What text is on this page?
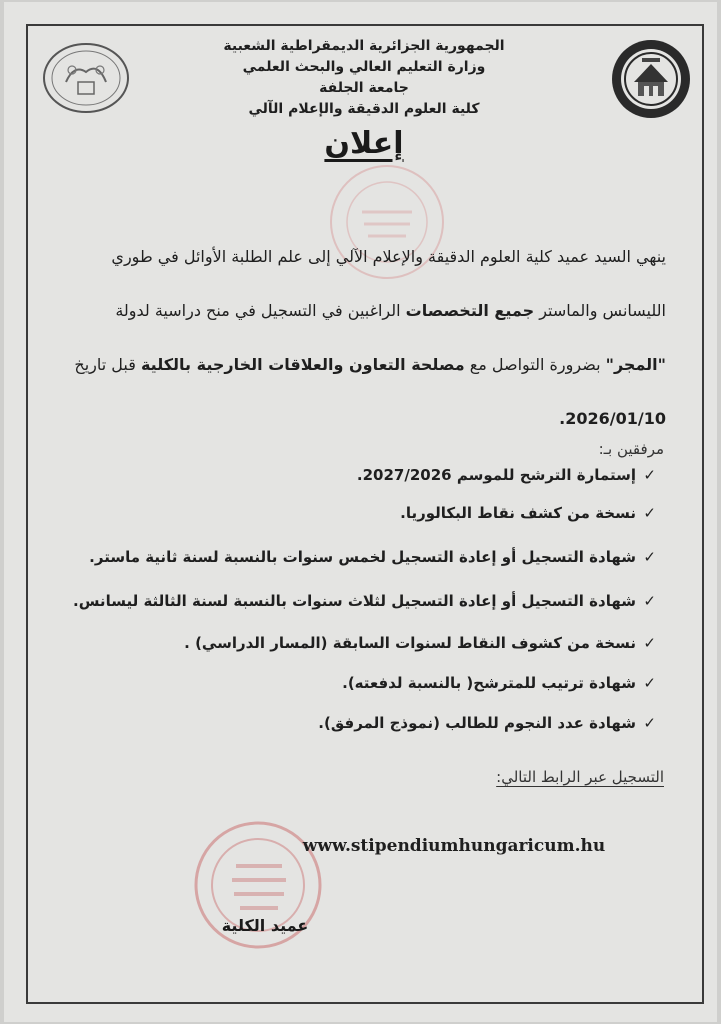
الجمهورية الجزائرية الديمقراطية الشعبية
وزارة التعليم العالي والبحث العلمي
جامعة الجلفة
كلية العلوم الدقيقة والإعلام الآلي
إعلان
ينهي السيد عميد كلية العلوم الدقيقة والإعلام الآلي إلى علم الطلبة الأوائل في طوري
الليسانس والماستر جميع التخصصات الراغبين في التسجيل في منح دراسية لدولة
"المجر" بضرورة التواصل مع مصلحة التعاون والعلاقات الخارجية بالكلية قبل تاريخ
2026/01/10.
مرفقين بـ:
✓
إستمارة الترشح للموسم 2027/2026.
✓
نسخة من كشف نقاط البكالوريا.
✓
شهادة التسجيل أو إعادة التسجيل لخمس سنوات بالنسبة لسنة ثانية ماستر.
✓
شهادة التسجيل أو إعادة التسجيل لثلاث سنوات بالنسبة لسنة الثالثة ليسانس.
✓
نسخة من كشوف النقاط لسنوات السابقة (المسار الدراسي) .
✓
شهادة ترتيب للمترشح( بالنسبة لدفعته).
✓
شهادة عدد النجوم للطالب (نموذج المرفق).
التسجيل عبر الرابط التالي:
www.stipendiumhungaricum.hu
عميد الكلية
